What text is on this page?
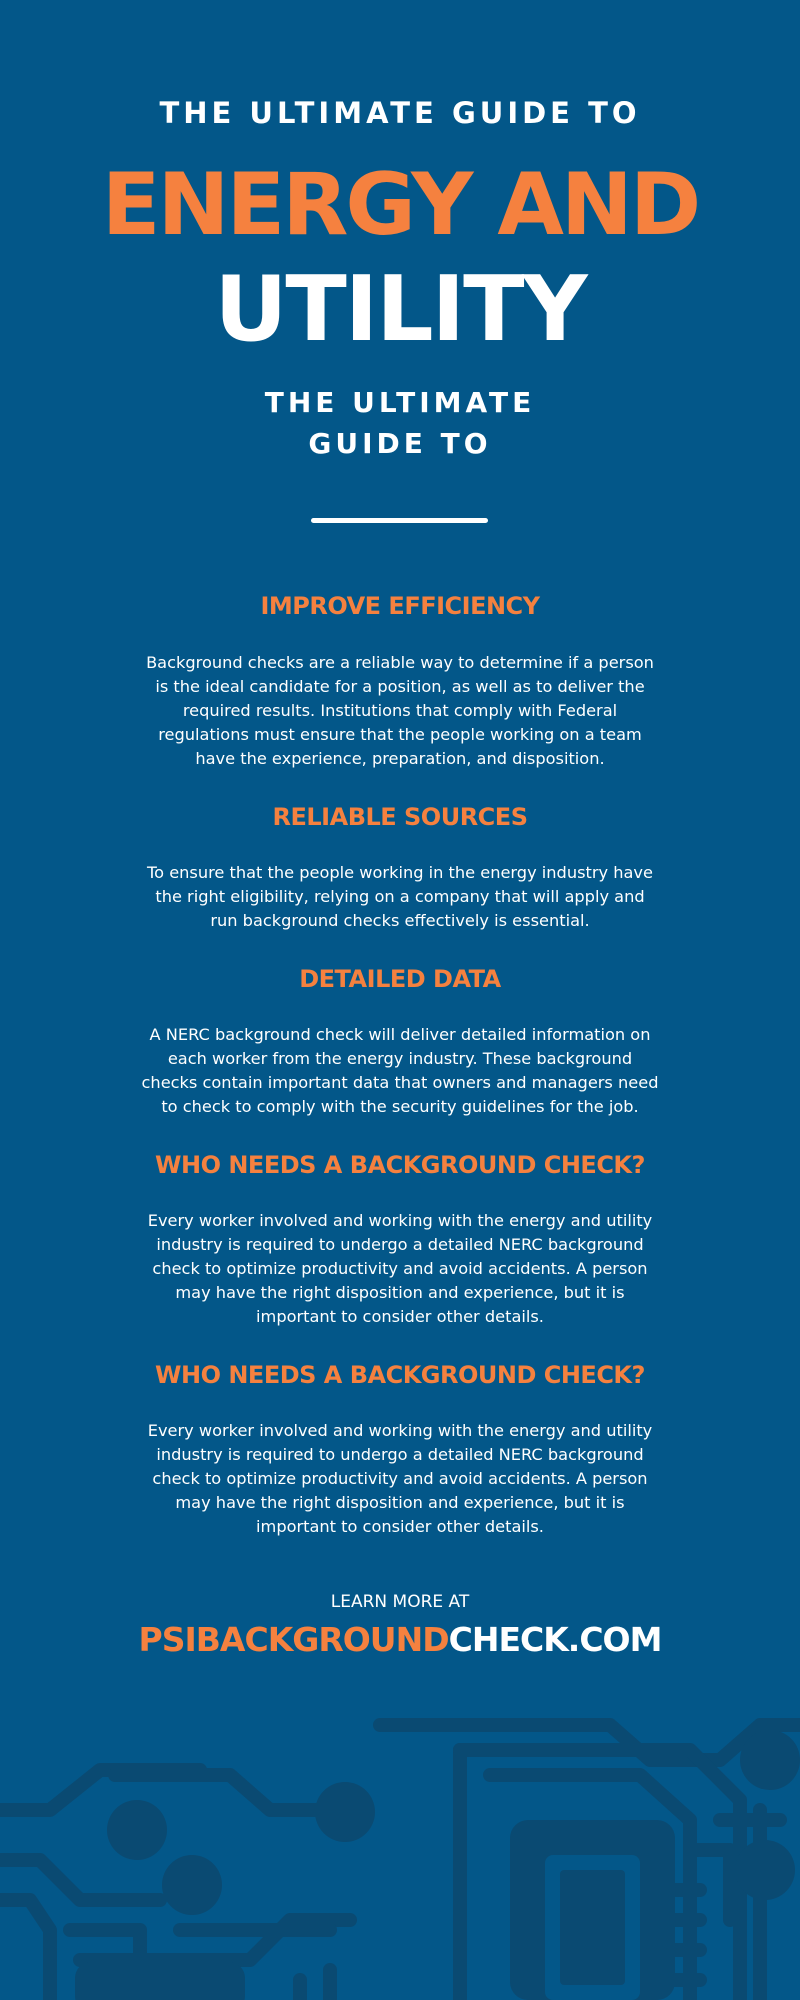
THE ULTIMATE GUIDE TO
ENERGY AND
UTILITY
THE ULTIMATE
GUIDE TO
IMPROVE EFFICIENCY
Background checks are a reliable way to determine if a person is the ideal candidate for a position, as well as to deliver the required results. Institutions that comply with Federal regulations must ensure that the people working on a team have the experience, preparation, and disposition.
RELIABLE SOURCES
To ensure that the people working in the energy industry have the right eligibility, relying on a company that will apply and run background checks effectively is essential.
DETAILED DATA
A NERC background check will deliver detailed information on each worker from the energy industry. These background checks contain important data that owners and managers need to check to comply with the security guidelines for the job.
WHO NEEDS A BACKGROUND CHECK?
Every worker involved and working with the energy and utility industry is required to undergo a detailed NERC background check to optimize productivity and avoid accidents. A person may have the right disposition and experience, but it is important to consider other details.
WHO NEEDS A BACKGROUND CHECK?
Every worker involved and working with the energy and utility industry is required to undergo a detailed NERC background check to optimize productivity and avoid accidents. A person may have the right disposition and experience, but it is important to consider other details.
LEARN MORE AT
PSIBACKGROUNDCHECK.COM
